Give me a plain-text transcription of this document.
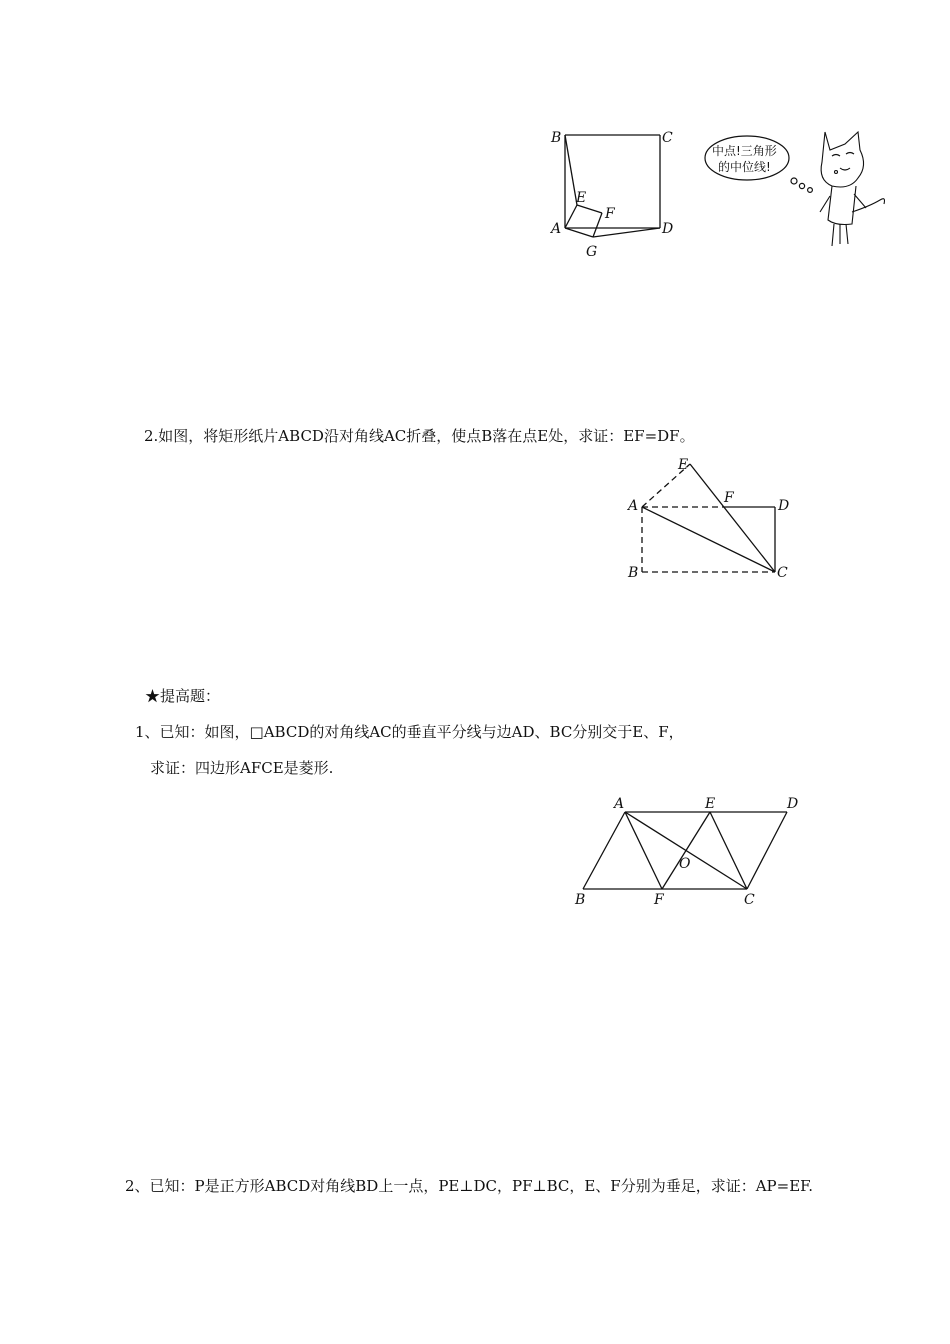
B	C
E
F
A	D
G
中点!三角形
的中位线!
2.如图，将矩形纸片ABCD沿对角线AC折叠，使点B落在点E处，求证：EF=DF。
E
F
A	D
B	C
★提高题：
1、已知：如图，□ABCD的对角线AC的垂直平分线与边AD、BC分别交于E、F，
求证：四边形AFCE是菱形.
A	E	D
O
B	F	C
2、已知：P是正方形ABCD对角线BD上一点，PE⊥DC，PF⊥BC，E、F分别为垂足，求证：AP=EF.
